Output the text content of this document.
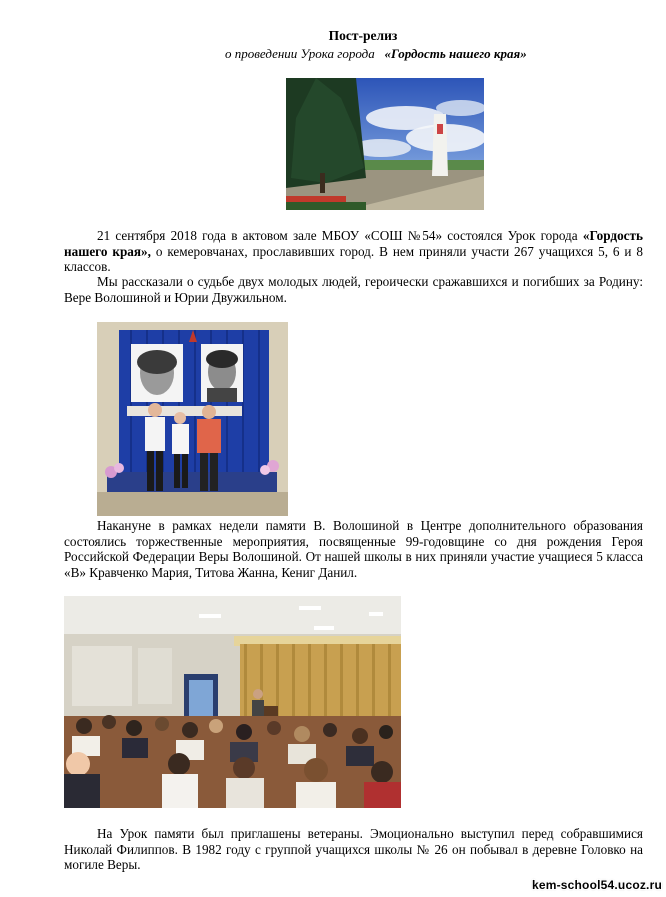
Пост-релиз
о проведении Урока города «Гордость нашего края»
21 сентября 2018 года в актовом зале МБОУ «СОШ №54» состоялся Урок города «Гордость нашего края», о кемеровчанах, прославивших город. В нем приняли участи 267 учащихся 5, 6 и 8 классов.
Мы рассказали о судьбе двух молодых людей, героически сражавшихся и погибших за Родину: Вере Волошиной и Юрии Двужильном.
Накануне в рамках недели памяти В. Волошиной в Центре дополнительного образования состоялись торжественные мероприятия, посвященные 99-годовщине со дня рождения Героя Российской Федерации Веры Волошиной. От нашей школы в них приняли участие учащиеся 5 класса «В» Кравченко Мария, Титова Жанна, Кениг Данил.
На Урок памяти был приглашены ветераны. Эмоционально выступил перед собравшимися Николай Филиппов. В 1982 году с группой учащихся школы № 26 он побывал в деревне Головко на могиле Веры.
kem-school54.ucoz.ru
